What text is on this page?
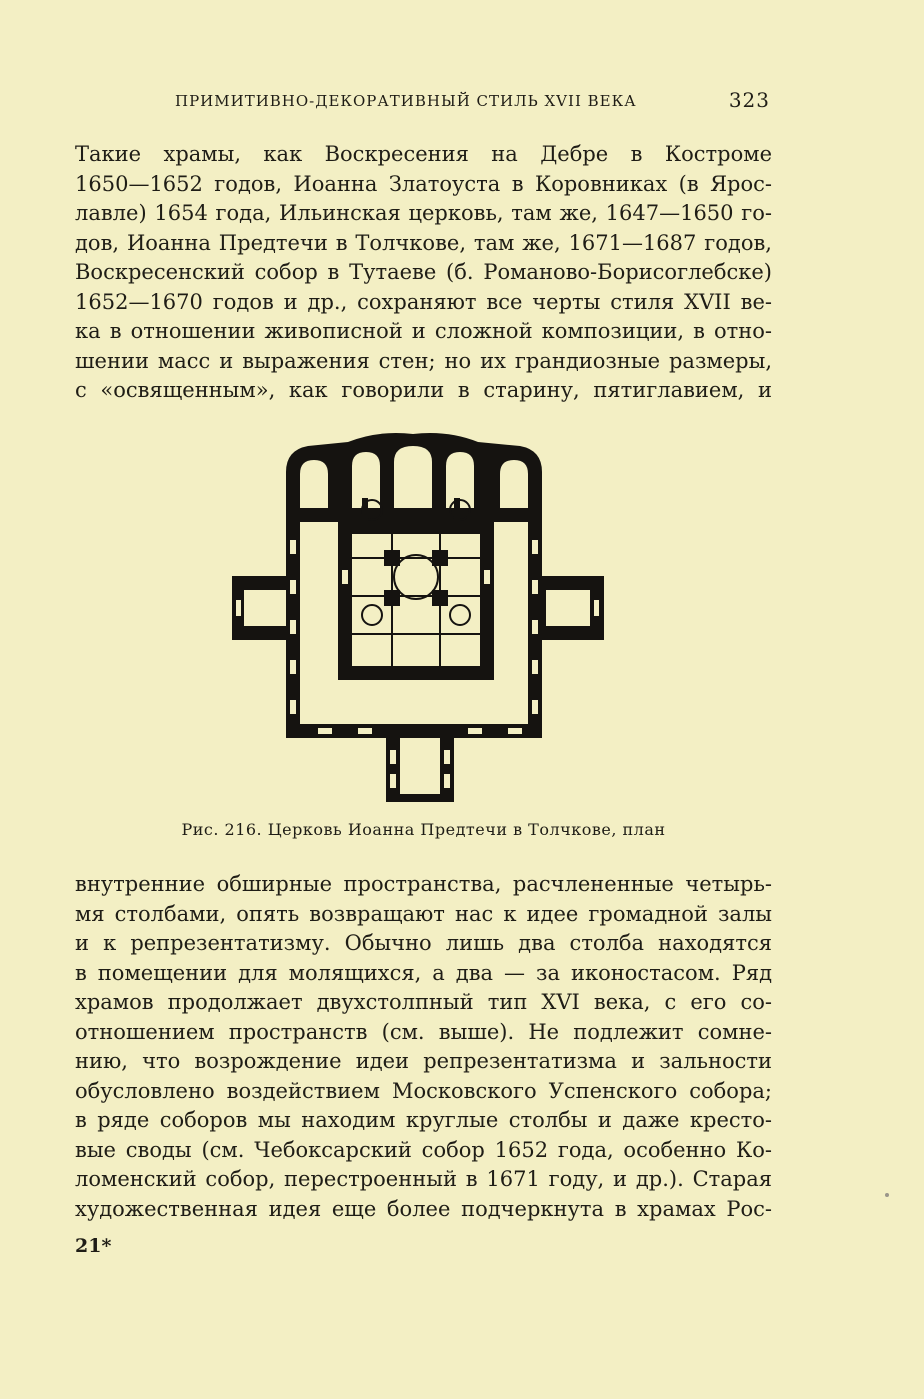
ПРИМИТИВНО-ДЕКОРАТИВНЫЙ СТИЛЬ XVII ВЕКА	323
Такие храмы, как Воскресения на Дебре в Костроме
1650—1652 годов, Иоанна Златоуста в Коровниках (в Ярос-
лавле) 1654 года, Ильинская церковь, там же, 1647—1650 го-
дов, Иоанна Предтечи в Толчкове, там же, 1671—1687 годов,
Воскресенский собор в Тутаеве (б. Романово-Борисоглебске)
1652—1670 годов и др., сохраняют все черты стиля XVII ве-
ка в отношении живописной и сложной композиции, в отно-
шении масс и выражения стен; но их грандиозные размеры,
с «освященным», как говорили в старину, пятиглавием, и
Рис. 216. Церковь Иоанна Предтечи в Толчкове, план
внутренние обширные пространства, расчлененные четырь-
мя столбами, опять возвращают нас к идее громадной залы
и к репрезентатизму. Обычно лишь два столба находятся
в помещении для молящихся, а два — за иконостасом. Ряд
храмов продолжает двухстолпный тип XVI века, с его со-
отношением пространств (см. выше). Не подлежит сомне-
нию, что возрождение идеи репрезентатизма и зальности
обусловлено воздействием Московского Успенского собора;
в ряде соборов мы находим круглые столбы и даже кресто-
вые своды (см. Чебоксарский собор 1652 года, особенно Ко-
ломенский собор, перестроенный в 1671 году, и др.). Старая
художественная идея еще более подчеркнута в храмах Рос-
21*
